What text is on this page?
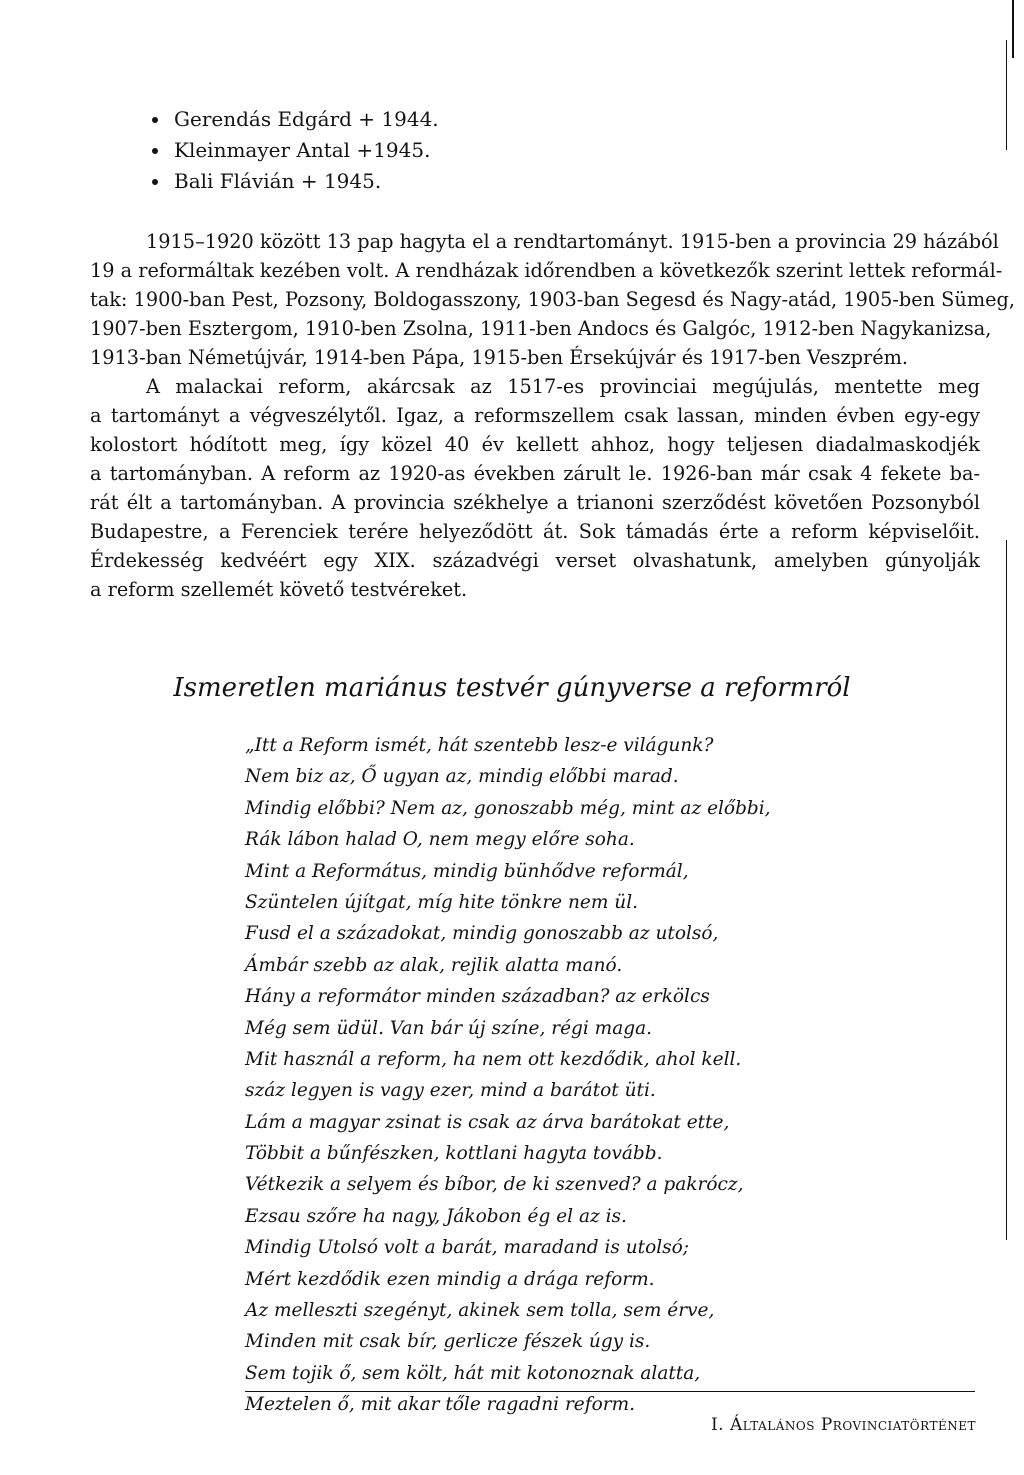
Gerendás Edgárd + 1944.
Kleinmayer Antal +1945.
Bali Flávián + 1945.
1915–1920 között 13 pap hagyta el a rendtartományt. 1915-ben a provincia 29 házából
19 a reformáltak kezében volt. A rendházak időrendben a következők szerint lettek reformál-
tak: 1900-ban Pest, Pozsony, Boldogasszony, 1903-ban Segesd és Nagy-atád, 1905-ben Sümeg,
1907-ben Esztergom, 1910-ben Zsolna, 1911-ben Andocs és Galgóc, 1912-ben Nagykanizsa,
1913-ban Németújvár, 1914-ben Pápa, 1915-ben Érsekújvár és 1917-ben Veszprém.
A malackai reform, akárcsak az 1517-es provinciai megújulás, mentette meg
a tartományt a végveszélytől. Igaz, a reformszellem csak lassan, minden évben egy-egy
kolostort hódított meg, így közel 40 év kellett ahhoz, hogy teljesen diadalmaskodjék
a tartományban. A reform az 1920-as években zárult le. 1926-ban már csak 4 fekete ba-
rát élt a tartományban. A provincia székhelye a trianoni szerződést követően Pozsonyból
Budapestre, a Ferenciek terére helyeződött át. Sok támadás érte a reform képviselőit.
Érdekesség kedvéért egy XIX. századvégi verset olvashatunk, amelyben gúnyolják
a reform szellemét követő testvéreket.
Ismeretlen mariánus testvér gúnyverse a reformról
„Itt a Reform ismét, hát szentebb lesz-e világunk?
Nem biz az, Ő ugyan az, mindig előbbi marad.
Mindig előbbi? Nem az, gonoszabb még, mint az előbbi,
Rák lábon halad O, nem megy előre soha.
Mint a Református, mindig bünhődve reformál,
Szüntelen újítgat, míg hite tönkre nem ül.
Fusd el a századokat, mindig gonoszabb az utolsó,
Ámbár szebb az alak, rejlik alatta manó.
Hány a reformátor minden században? az erkölcs
Még sem üdül. Van bár új színe, régi maga.
Mit használ a reform, ha nem ott kezdődik, ahol kell.
száz legyen is vagy ezer, mind a barátot üti.
Lám a magyar zsinat is csak az árva barátokat ette,
Többit a bűnfészken, kottlani hagyta tovább.
Vétkezik a selyem és bíbor, de ki szenved? a pakrócz,
Ezsau szőre ha nagy, Jákobon ég el az is.
Mindig Utolsó volt a barát, maradand is utolsó;
Mért kezdődik ezen mindig a drága reform.
Az melleszti szegényt, akinek sem tolla, sem érve,
Minden mit csak bír, gerlicze fészek úgy is.
Sem tojik ő, sem költ, hát mit kotonoznak alatta,
Meztelen ő, mit akar tőle ragadni reform.
I. Általános Provinciatörténet
